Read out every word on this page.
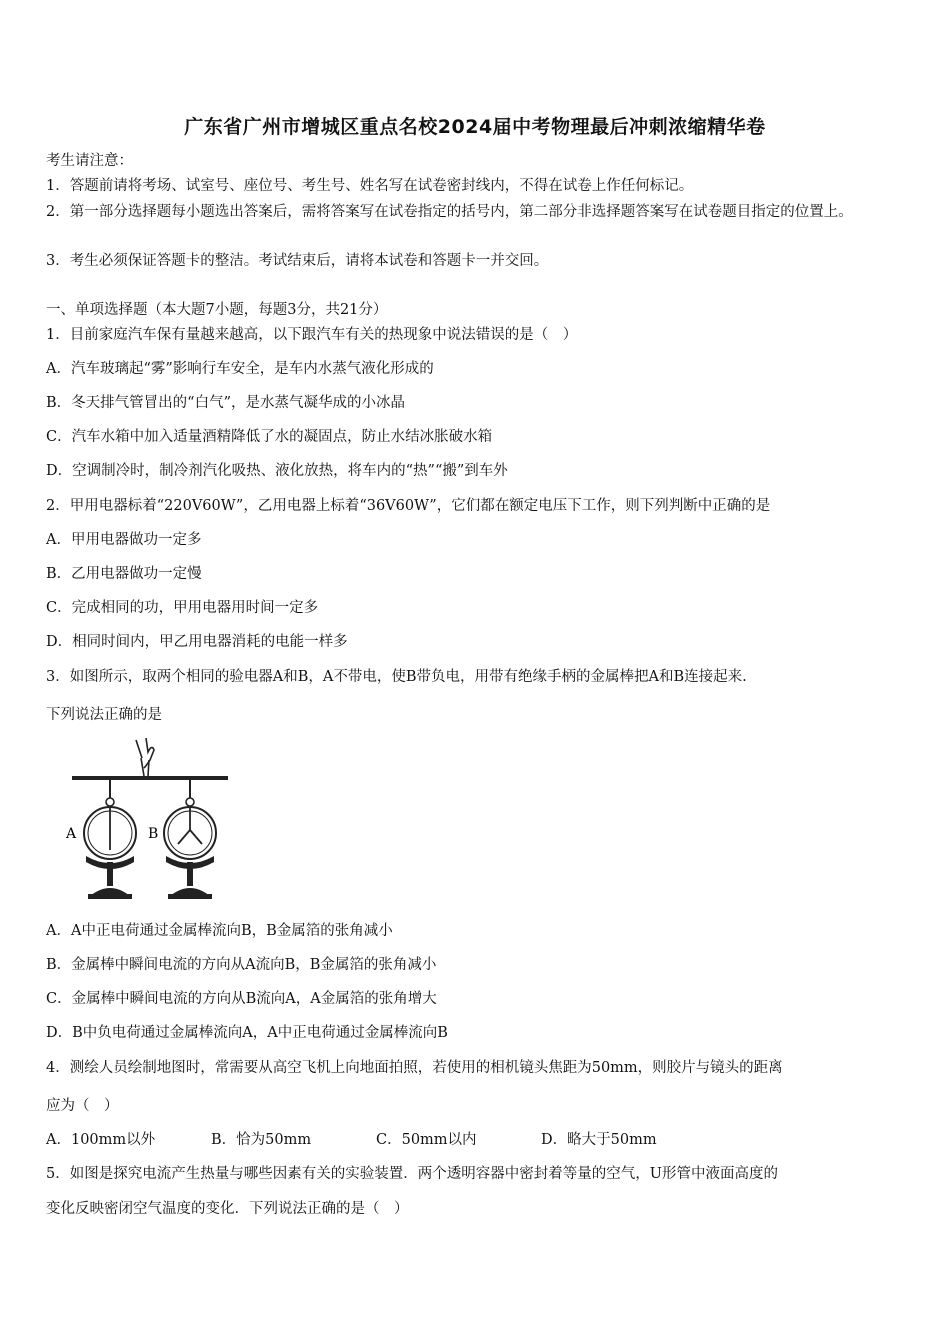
广东省广州市增城区重点名校2024届中考物理最后冲刺浓缩精华卷
考生请注意：
1．答题前请将考场、试室号、座位号、考生号、姓名写在试卷密封线内，不得在试卷上作任何标记。
2．第一部分选择题每小题选出答案后，需将答案写在试卷指定的括号内，第二部分非选择题答案写在试卷题目指定的位置上。
3．考生必须保证答题卡的整洁。考试结束后，请将本试卷和答题卡一并交回。
一、单项选择题（本大题7小题，每题3分，共21分）
1．目前家庭汽车保有量越来越高，以下跟汽车有关的热现象中说法错误的是（　）
A．汽车玻璃起“雾”影响行车安全，是车内水蒸气液化形成的
B．冬天排气管冒出的“白气”，是水蒸气凝华成的小冰晶
C．汽车水箱中加入适量酒精降低了水的凝固点，防止水结冰胀破水箱
D．空调制冷时，制冷剂汽化吸热、液化放热，将车内的“热”“搬”到车外
2．甲用电器标着“220V60W”，乙用电器上标着“36V60W”，它们都在额定电压下工作，则下列判断中正确的是
A．甲用电器做功一定多
B．乙用电器做功一定慢
C．完成相同的功，甲用电器用时间一定多
D．相同时间内，甲乙用电器消耗的电能一样多
3．如图所示，取两个相同的验电器A和B，A不带电，使B带负电，用带有绝缘手柄的金属棒把A和B连接起来.
下列说法正确的是
A	B
A．A中正电荷通过金属棒流向B，B金属箔的张角减小
B．金属棒中瞬间电流的方向从A流向B，B金属箔的张角减小
C．金属棒中瞬间电流的方向从B流向A，A金属箔的张角增大
D．B中负电荷通过金属棒流向A，A中正电荷通过金属棒流向B
4．测绘人员绘制地图时，常需要从高空飞机上向地面拍照，若使用的相机镜头焦距为50mm，则胶片与镜头的距离
应为（　）
A．100mm以外	B．恰为50mm	C．50mm以内	D．略大于50mm
5．如图是探究电流产生热量与哪些因素有关的实验装置．两个透明容器中密封着等量的空气，U形管中液面高度的
变化反映密闭空气温度的变化．下列说法正确的是（　）
